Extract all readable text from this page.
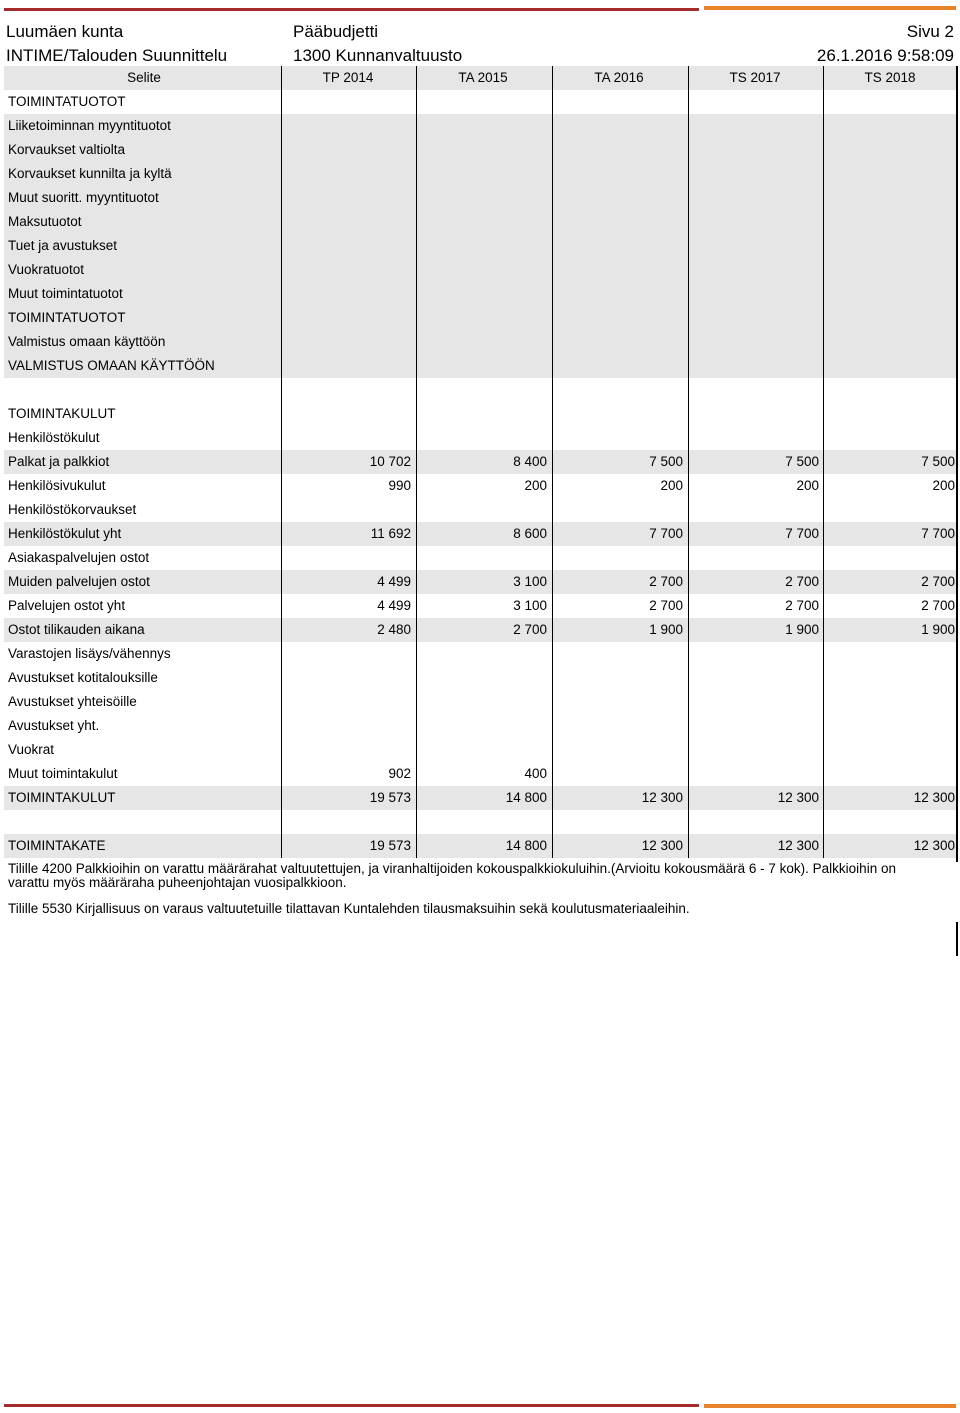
Luumäen kunta
INTIME/Talouden Suunnittelu
Pääbudjetti
1300 Kunnanvaltuusto
Sivu 2
26.1.2016 9:58:09
Selite	TP 2014	TA 2015	TA 2016	TS 2017	TS 2018
TOIMINTATUOTOT
Liiketoiminnan myyntituotot
Korvaukset valtiolta
Korvaukset kunnilta ja kyltä
Muut suoritt. myyntituotot
Maksutuotot
Tuet ja avustukset
Vuokratuotot
Muut toimintatuotot
TOIMINTATUOTOT
Valmistus omaan käyttöön
VALMISTUS OMAAN KÄYTTÖÖN
TOIMINTAKULUT
Henkilöstökulut
Palkat ja palkkiot	10 702	8 400	7 500	7 500	7 500
Henkilösivukulut	990	200	200	200	200
Henkilöstökorvaukset
Henkilöstökulut yht	11 692	8 600	7 700	7 700	7 700
Asiakaspalvelujen ostot
Muiden palvelujen ostot	4 499	3 100	2 700	2 700	2 700
Palvelujen ostot yht	4 499	3 100	2 700	2 700	2 700
Ostot tilikauden aikana	2 480	2 700	1 900	1 900	1 900
Varastojen lisäys/vähennys
Avustukset kotitalouksille
Avustukset yhteisöille
Avustukset yht.
Vuokrat
Muut toimintakulut	902	400
TOIMINTAKULUT	19 573	14 800	12 300	12 300	12 300
TOIMINTAKATE	19 573	14 800	12 300	12 300	12 300
Tilille 4200 Palkkioihin on varattu määrärahat valtuutettujen, ja viranhaltijoiden kokouspalkkiokuluihin.(Arvioitu kokousmäärä 6 - 7 kok). Palkkioihin on varattu myös määräraha puheenjohtajan vuosipalkkioon.
Tilille 5530 Kirjallisuus on varaus valtuutetuille tilattavan Kuntalehden tilausmaksuihin sekä koulutusmateriaaleihin.
